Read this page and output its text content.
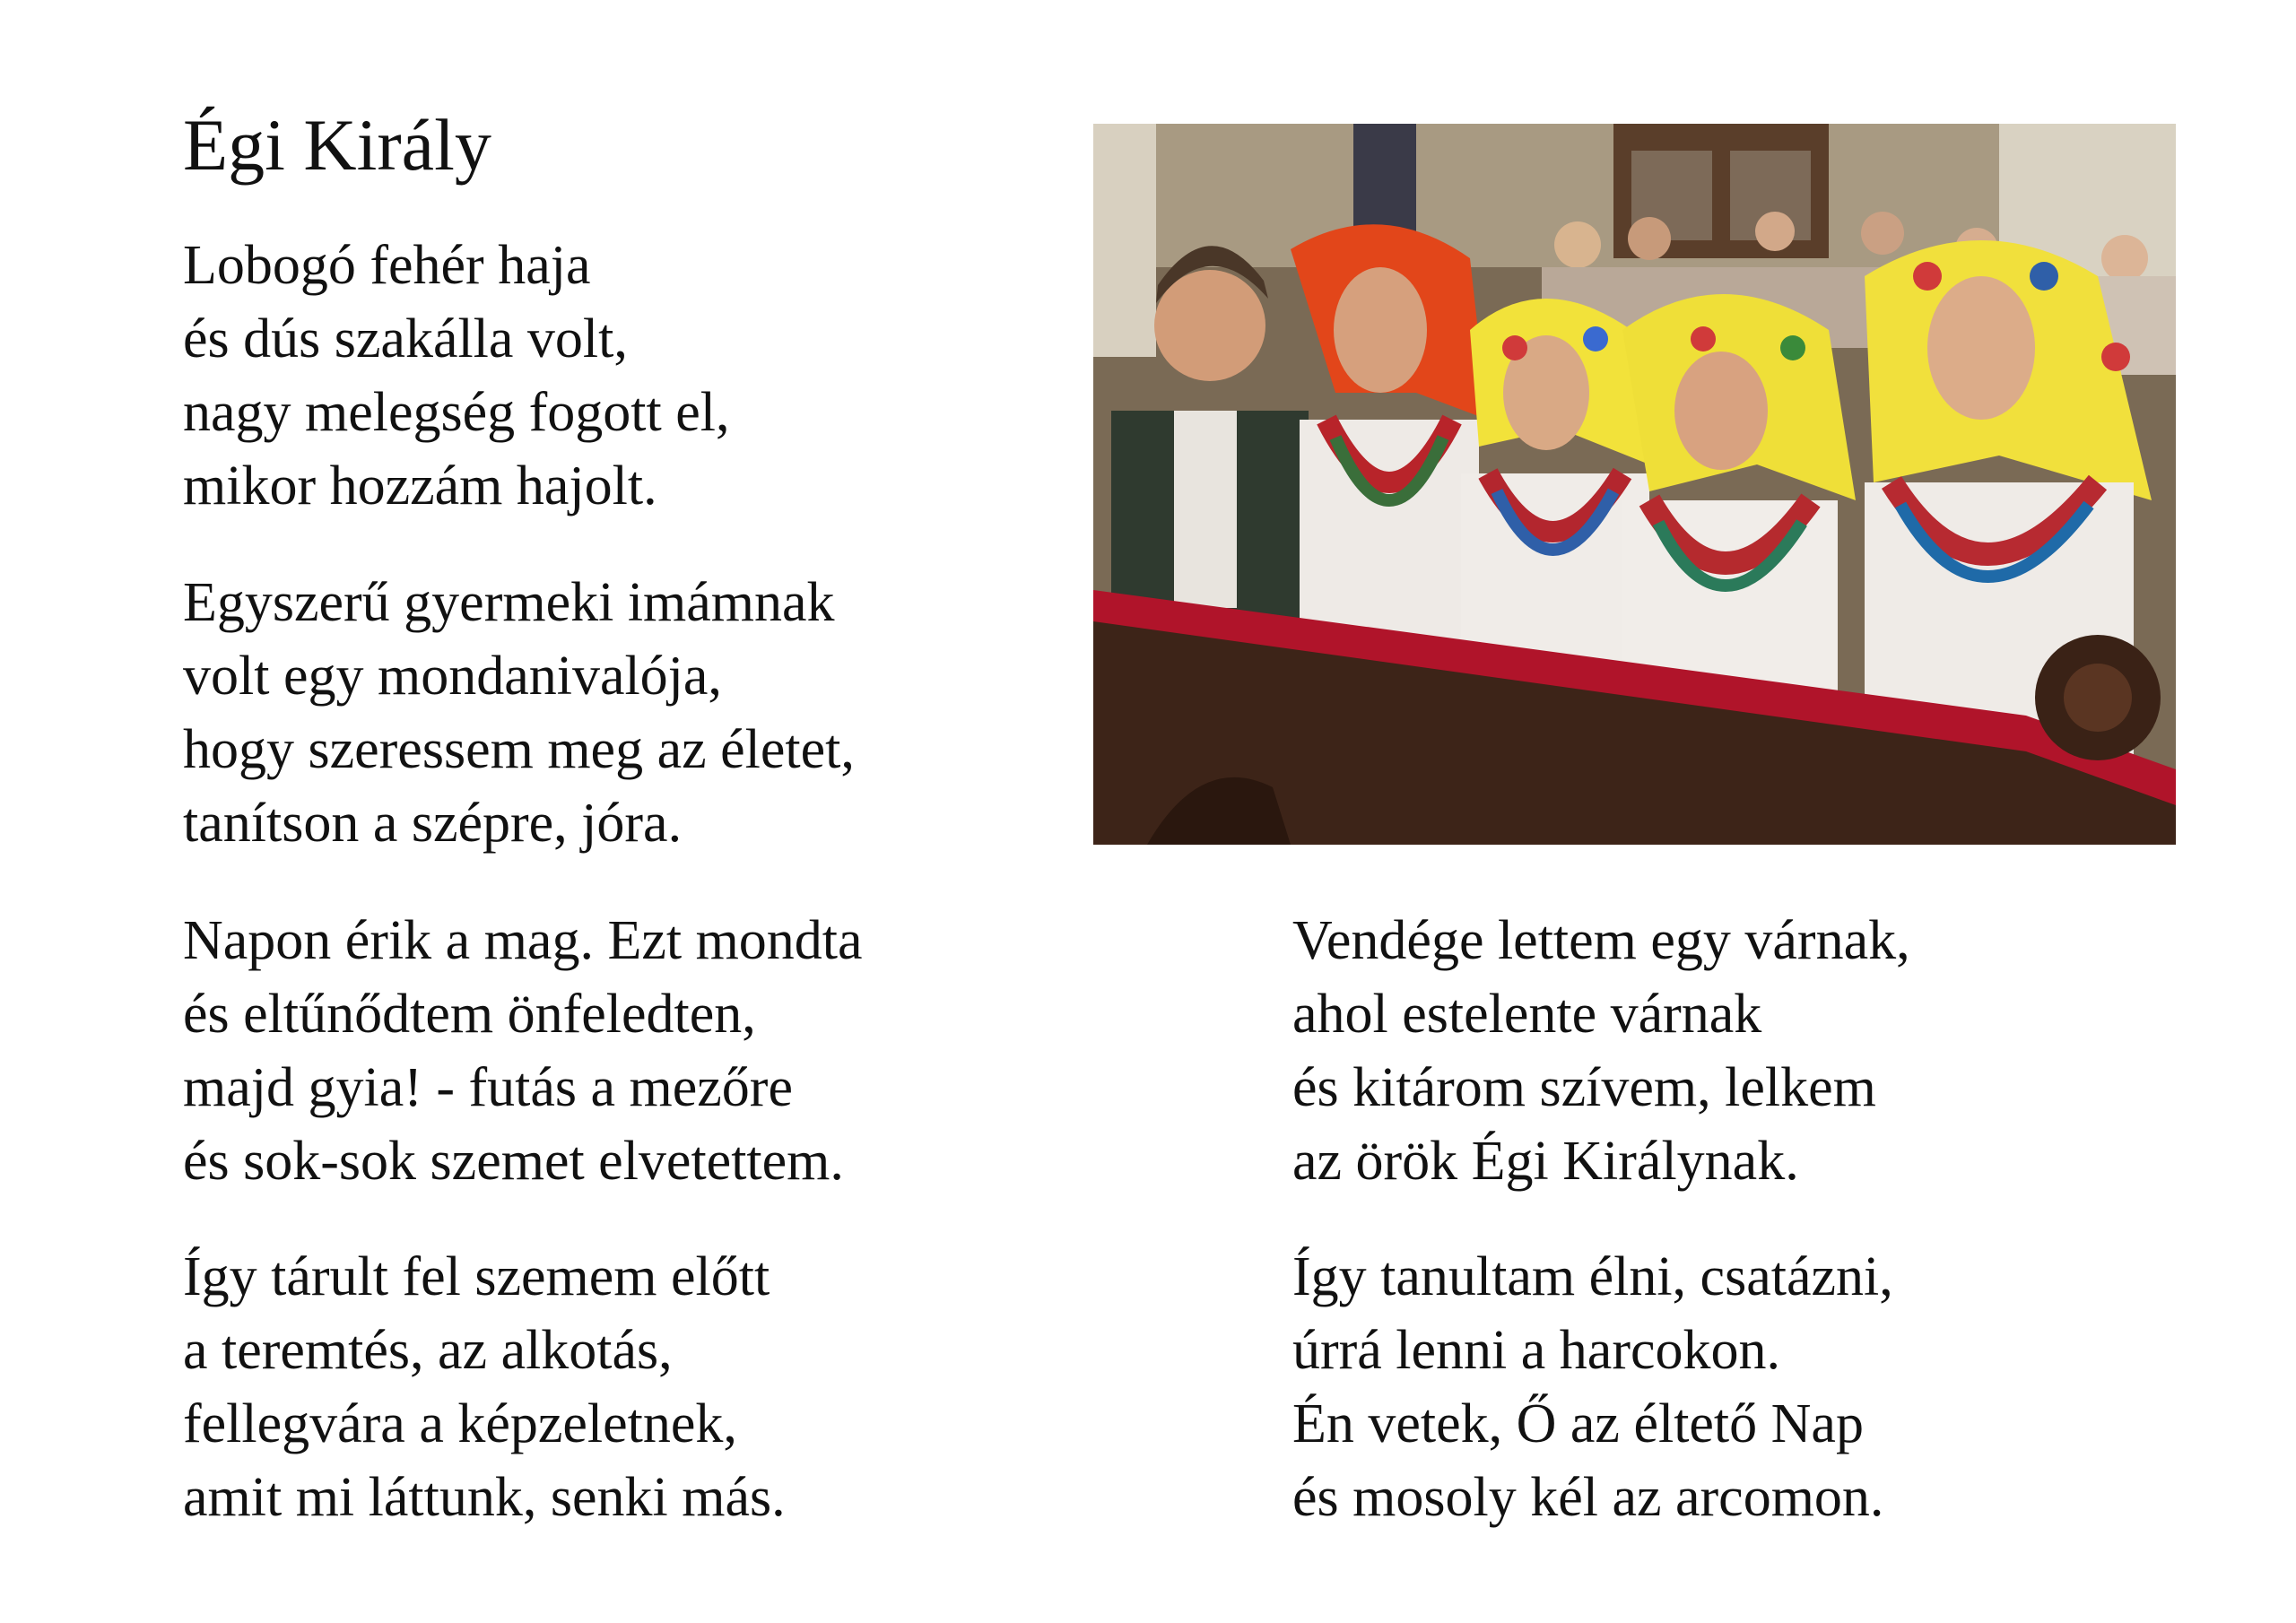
Égi Király
Lobogó fehér haja
és dús szakálla volt,
nagy melegség fogott el,
mikor hozzám hajolt.
Egyszerű gyermeki imámnak
volt egy mondanivalója,
hogy szeressem meg az életet,
tanítson a szépre, jóra.
Napon érik a mag. Ezt mondta
és eltűnődtem önfeledten,
majd gyia! - futás a mezőre
és sok-sok szemet elvetettem.
Így tárult fel szemem előtt
a teremtés, az alkotás,
fellegvára a képzeletnek,
amit mi láttunk, senki más.
Vendége lettem egy várnak,
ahol estelente várnak
és kitárom szívem, lelkem
az örök Égi Királynak.
Így tanultam élni, csatázni,
úrrá lenni a harcokon.
Én vetek, Ő az éltető Nap
és mosoly kél az arcomon.
